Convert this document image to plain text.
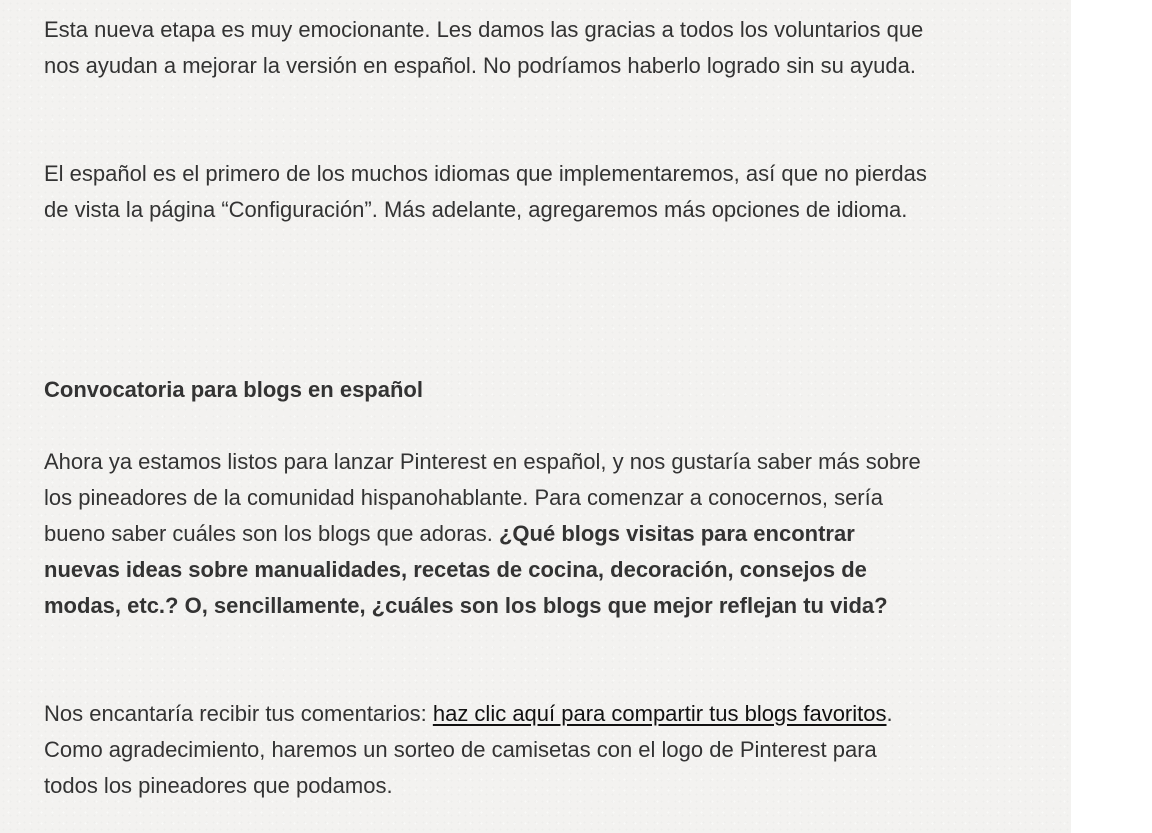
Esta nueva etapa es muy emocionante. Les damos las gracias a todos los voluntarios que nos ayudan a mejorar la versión en español. No podríamos haberlo logrado sin su ayuda.

El español es el primero de los muchos idiomas que implementaremos, así que no pierdas de vista la página “Configuración”. Más adelante, agregaremos más opciones de idioma.

Convocatoria para blogs en español

Ahora ya estamos listos para lanzar Pinterest en español, y nos gustaría saber más sobre los pineadores de la comunidad hispanohablante. Para comenzar a conocernos, sería bueno saber cuáles son los blogs que adoras. ¿Qué blogs visitas para encontrar nuevas ideas sobre manualidades, recetas de cocina, decoración, consejos de modas, etc.? O, sencillamente, ¿cuáles son los blogs que mejor reflejan tu vida?

Nos encantaría recibir tus comentarios: haz clic aquí para compartir tus blogs favoritos. Como agradecimiento, haremos un sorteo de camisetas con el logo de Pinterest para todos los pineadores que podamos.
